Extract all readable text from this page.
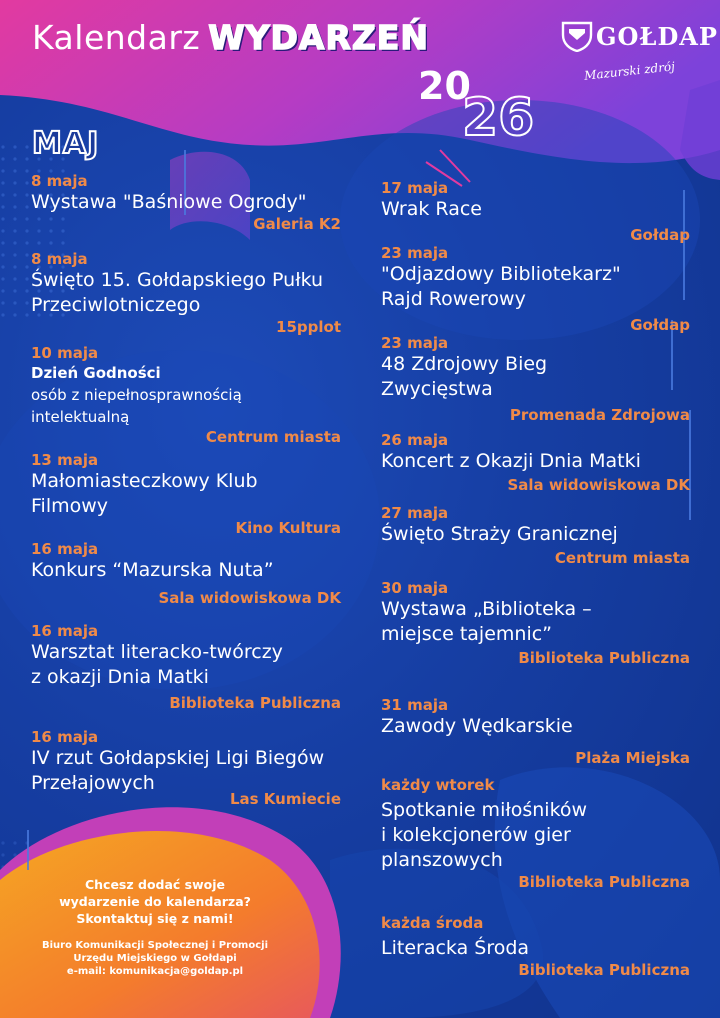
Kalendarz WYDARZEŃ
20
26
GOŁDAP
Mazurski zdrój
MAJ
8 maja
Wystawa "Baśniowe Ogrody"
Galeria K2
8 maja
Święto 15. Gołdapskiego Pułku
Przeciwlotniczego
15pplot
10 maja
Dzień Godności
osób z niepełnosprawnością
intelektualną
Centrum miasta
13 maja
Małomiasteczkowy Klub
Filmowy
Kino Kultura
16 maja
Konkurs “Mazurska Nuta”
Sala widowiskowa DK
16 maja
Warsztat literacko-twórczy
z okazji Dnia Matki
Biblioteka Publiczna
16 maja
IV rzut Gołdapskiej Ligi Biegów
Przełajowych
Las Kumiecie
17 maja
Wrak Race
Gołdap
23 maja
"Odjazdowy Bibliotekarz"
Rajd Rowerowy
Gołdap
23 maja
48 Zdrojowy Bieg
Zwycięstwa
Promenada Zdrojowa
26 maja
Koncert z Okazji Dnia Matki
Sala widowiskowa DK
27 maja
Święto Straży Granicznej
Centrum miasta
30 maja
Wystawa „Biblioteka –
miejsce tajemnic”
Biblioteka Publiczna
31 maja
Zawody Wędkarskie
Plaża Miejska
każdy wtorek
Spotkanie miłośników
i kolekcjonerów gier
planszowych
Biblioteka Publiczna
każda środa
Literacka Środa
Biblioteka Publiczna
Chcesz dodać swoje
wydarzenie do kalendarza?
Skontaktuj się z nami!
Biuro Komunikacji Społecznej i Promocji
Urzędu Miejskiego w Gołdapi
e-mail: komunikacja@goldap.pl
